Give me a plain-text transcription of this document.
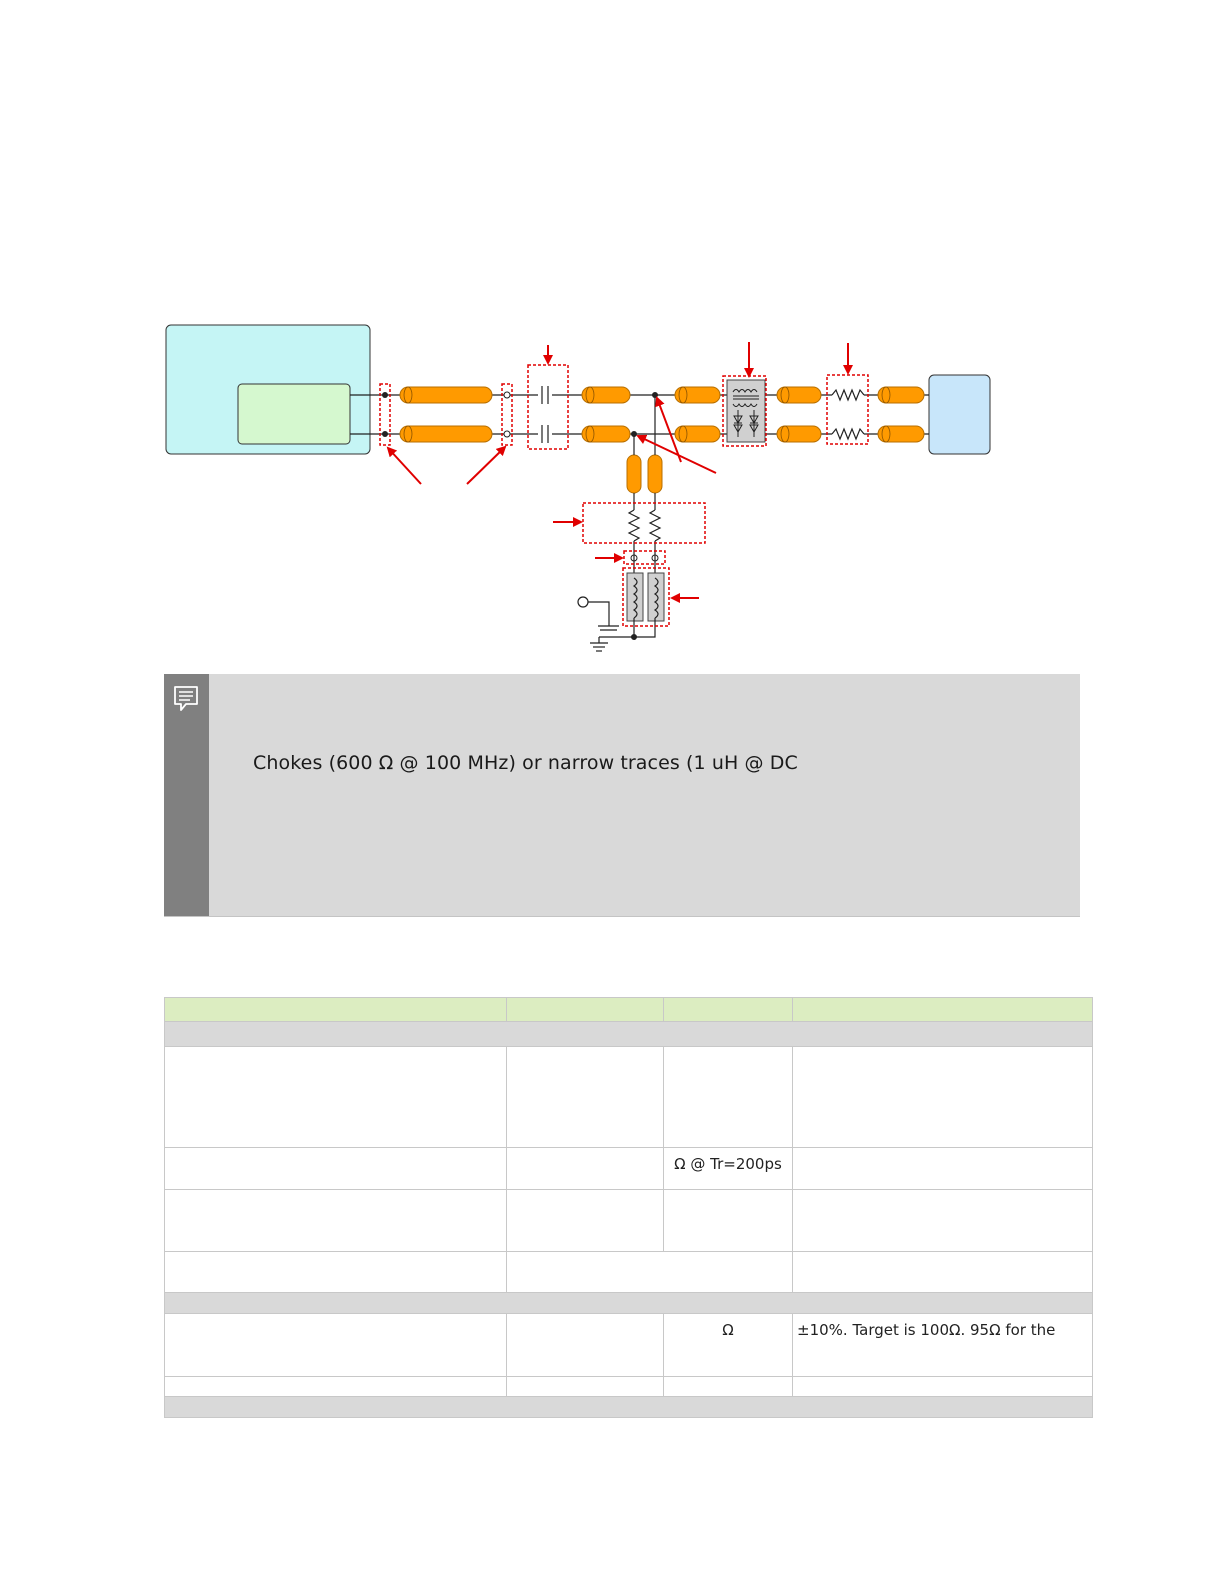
Chokes (600 Ω @ 100 MHz) or narrow traces (1 uH @ DC

		Ω @ Tr=200ps	

		Ω	±10%. Target is 100Ω. 95Ω for the
